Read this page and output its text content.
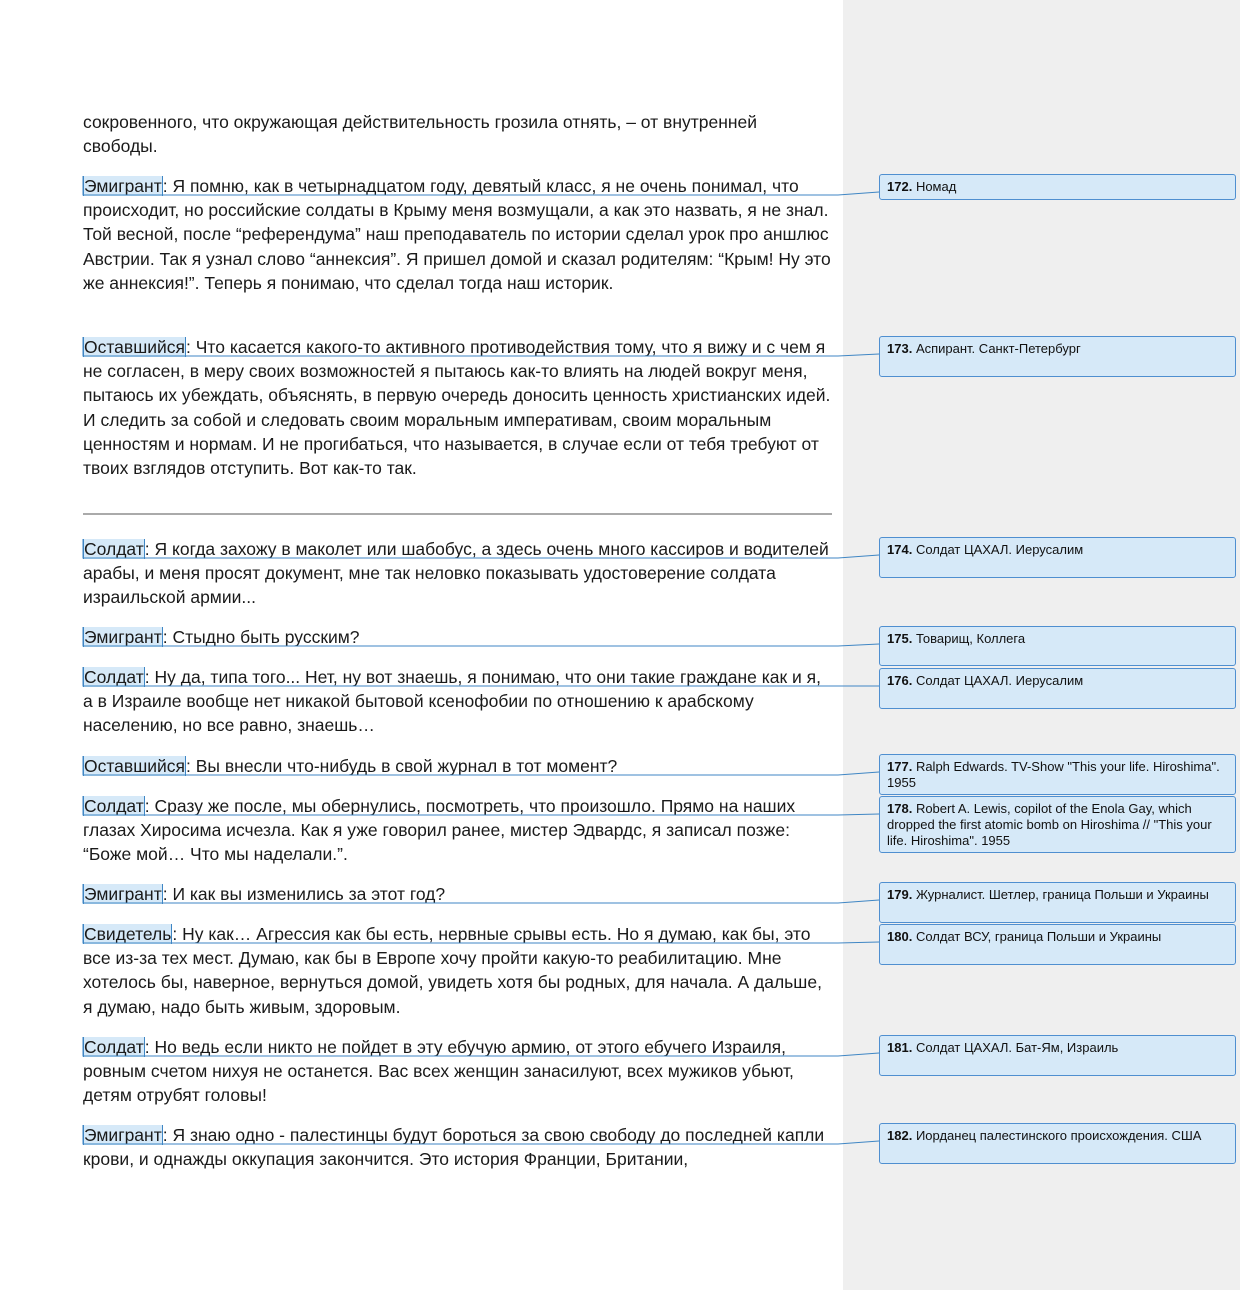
сокровенного, что окружающая действительность грозила отнять, – от внутренней свободы.

Эмигрант: Я помню, как в четырнадцатом году, девятый класс, я не очень понимал, что происходит, но российские солдаты в Крыму меня возмущали, а как это назвать, я не знал. Той весной, после “референдума” наш преподаватель по истории сделал урок про аншлюс Австрии. Так я узнал слово “аннексия”. Я пришел домой и сказал родителям: “Крым! Ну это же аннексия!”. Теперь я понимаю, что сделал тогда наш историк.

Оставшийся: Что касается какого-то активного противодействия тому, что я вижу и с чем я не согласен, в меру своих возможностей я пытаюсь как-то влиять на людей вокруг меня, пытаюсь их убеждать, объяснять, в первую очередь доносить ценность христианских идей. И следить за собой и следовать своим моральным императивам, своим моральным ценностям и нормам. И не прогибаться, что называется, в случае если от тебя требуют от твоих взглядов отступить. Вот как-то так.

Солдат: Я когда захожу в маколет или шабобус, а здесь очень много кассиров и водителей арабы, и меня просят документ, мне так неловко показывать удостоверение солдата израильской армии...

Эмигрант: Стыдно быть русским?

Солдат: Ну да, типа того... Нет, ну вот знаешь, я понимаю, что они такие граждане как и я, а в Израиле вообще нет никакой бытовой ксенофобии по отношению к арабскому населению, но все равно, знаешь…

Оставшийся: Вы внесли что-нибудь в свой журнал в тот момент?

Солдат: Сразу же после, мы обернулись, посмотреть, что произошло. Прямо на наших глазах Хиросима исчезла. Как я уже говорил ранее, мистер Эдвардс, я записал позже: “Боже мой… Что мы наделали.”.

Эмигрант: И как вы изменились за этот год?

Свидетель: Ну как… Агрессия как бы есть, нервные срывы есть. Но я думаю, как бы, это все из-за тех мест. Думаю, как бы в Европе хочу пройти какую-то реабилитацию. Мне хотелось бы, наверное, вернуться домой, увидеть хотя бы родных, для начала. А дальше, я думаю, надо быть живым, здоровым.

Солдат: Но ведь если никто не пойдет в эту ебучую армию, от этого ебучего Израиля, ровным счетом нихуя не останется. Вас всех женщин занасилуют, всех мужиков убьют, детям отрубят головы!

Эмигрант: Я знаю одно - палестинцы будут бороться за свою свободу до последней капли крови, и однажды оккупация закончится. Это история Франции, Британии,

172. Номад
173. Аспирант. Санкт-Петербург
174. Солдат ЦАХАЛ. Иерусалим
175. Товарищ, Коллега
176. Солдат ЦАХАЛ. Иерусалим
177. Ralph Edwards. TV-Show "This your life. Hiroshima". 1955
178. Robert A. Lewis, copilot of the Enola Gay, which dropped the first atomic bomb on Hiroshima // "This your life. Hiroshima". 1955
179. Журналист. Шетлер, граница Польши и Украины
180. Солдат ВСУ, граница Польши и Украины
181. Солдат ЦАХАЛ. Бат-Ям, Израиль
182. Иорданец палестинского происхождения. США
